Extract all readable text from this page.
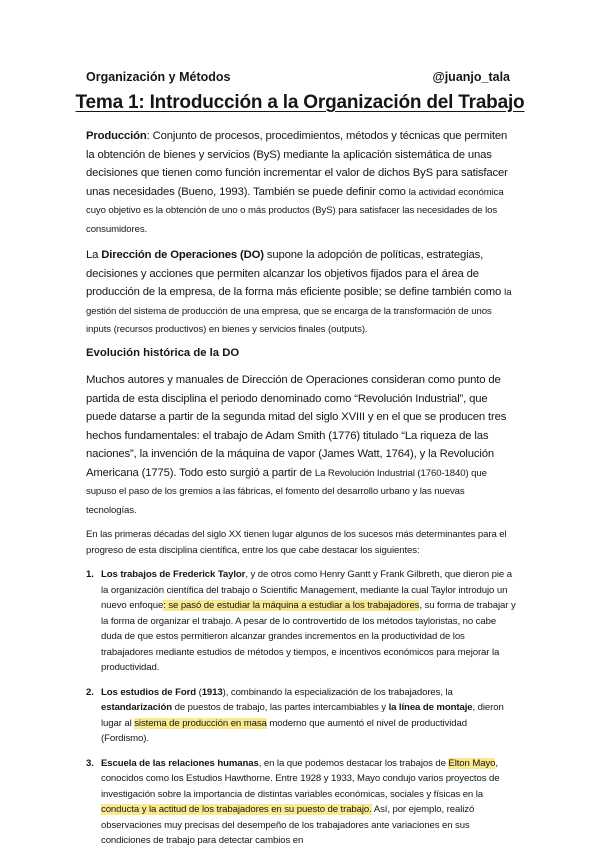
Organización y Métodos	@juanjo_tala
Tema 1: Introducción a la Organización del Trabajo

Producción: Conjunto de procesos, procedimientos, métodos y técnicas que permiten la obtención de bienes y servicios (ByS) mediante la aplicación sistemática de unas decisiones que tienen como función incrementar el valor de dichos ByS para satisfacer unas necesidades (Bueno, 1993). También se puede definir como la actividad económica cuyo objetivo es la obtención de uno o más productos (ByS) para satisfacer las necesidades de los consumidores.

La Dirección de Operaciones (DO) supone la adopción de políticas, estrategias, decisiones y acciones que permiten alcanzar los objetivos fijados para el área de producción de la empresa, de la forma más eficiente posible; se define también como la gestión del sistema de producción de una empresa, que se encarga de la transformación de unos inputs (recursos productivos) en bienes y servicios finales (outputs).

Evolución histórica de la DO

Muchos autores y manuales de Dirección de Operaciones consideran como punto de partida de esta disciplina el periodo denominado como “Revolución Industrial”, que puede datarse a partir de la segunda mitad del siglo XVIII y en el que se producen tres hechos fundamentales: el trabajo de Adam Smith (1776) titulado “La riqueza de las naciones”, la invención de la máquina de vapor (James Watt, 1764), y la Revolución Americana (1775). Todo esto surgió a partir de La Revolución Industrial (1760-1840) que supuso el paso de los gremios a las fábricas, el fomento del desarrollo urbano y las nuevas tecnologías.

En las primeras décadas del siglo XX tienen lugar algunos de los sucesos más determinantes para el progreso de esta disciplina científica, entre los que cabe destacar los siguientes:

1. Los trabajos de Frederick Taylor, y de otros como Henry Gantt y Frank Gilbreth, que dieron pie a la organización científica del trabajo o Scientific Management, mediante la cual Taylor introdujo un nuevo enfoque: se pasó de estudiar la máquina a estudiar a los trabajadores, su forma de trabajar y la forma de organizar el trabajo. A pesar de lo controvertido de los métodos tayloristas, no cabe duda de que estos permitieron alcanzar grandes incrementos en la productividad de los trabajadores mediante estudios de métodos y tiempos, e incentivos económicos para mejorar la productividad.
2. Los estudios de Ford (1913), combinando la especialización de los trabajadores, la estandarización de puestos de trabajo, las partes intercambiables y la línea de montaje, dieron lugar al sistema de producción en masa moderno que aumentó el nivel de productividad (Fordismo).
3. Escuela de las relaciones humanas, en la que podemos destacar los trabajos de Elton Mayo, conocidos como los Estudios Hawthorne. Entre 1928 y 1933, Mayo condujo varios proyectos de investigación sobre la importancia de distintas variables económicas, sociales y físicas en la conducta y la actitud de los trabajadores en su puesto de trabajo. Así, por ejemplo, realizó observaciones muy precisas del desempeño de los trabajadores ante variaciones en sus condiciones de trabajo para detectar cambios en
